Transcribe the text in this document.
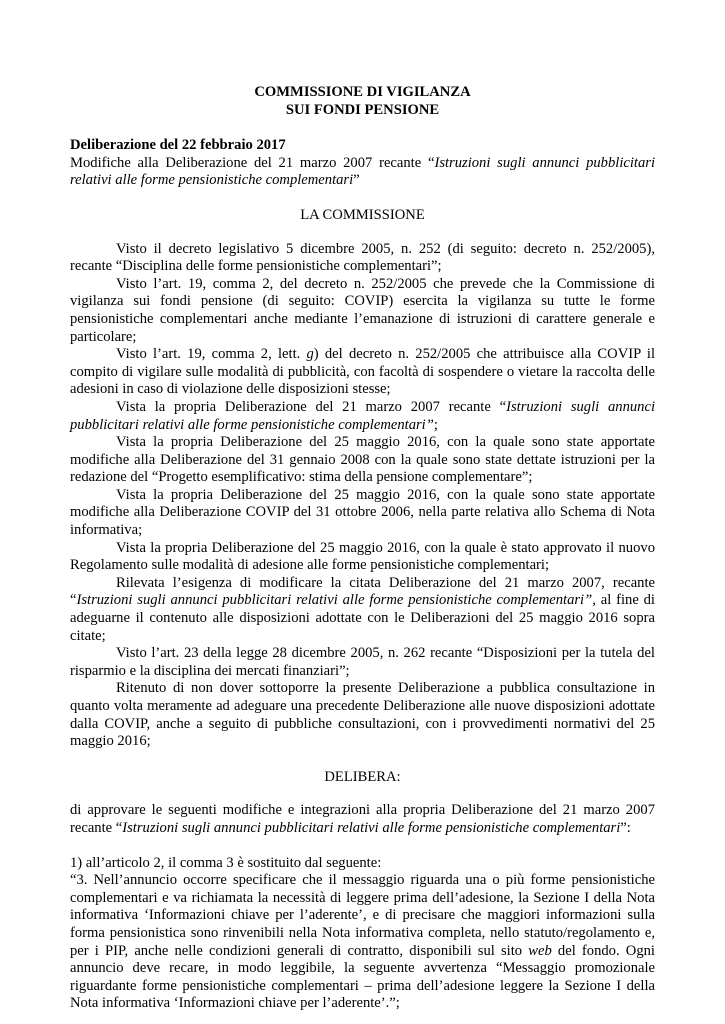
COMMISSIONE DI VIGILANZA
SUI FONDI PENSIONE
Deliberazione del 22 febbraio 2017
Modifiche alla Deliberazione del 21 marzo 2007 recante “Istruzioni sugli annunci pubblicitari relativi alle forme pensionistiche complementari”
LA COMMISSIONE

Visto il decreto legislativo 5 dicembre 2005, n. 252 (di seguito: decreto n. 252/2005), recante “Disciplina delle forme pensionistiche complementari”;

Visto l’art. 19, comma 2, del decreto n. 252/2005 che prevede che la Commissione di vigilanza sui fondi pensione (di seguito: COVIP) esercita la vigilanza su tutte le forme pensionistiche complementari anche mediante l’emanazione di istruzioni di carattere generale e particolare;

Visto l’art. 19, comma 2, lett. g) del decreto n. 252/2005 che attribuisce alla COVIP il compito di vigilare sulle modalità di pubblicità, con facoltà di sospendere o vietare la raccolta delle adesioni in caso di violazione delle disposizioni stesse;

Vista la propria Deliberazione del 21 marzo 2007 recante “Istruzioni sugli annunci pubblicitari relativi alle forme pensionistiche complementari”;

Vista la propria Deliberazione del 25 maggio 2016, con la quale sono state apportate modifiche alla Deliberazione del 31 gennaio 2008 con la quale sono state dettate istruzioni per la redazione del “Progetto esemplificativo: stima della pensione complementare”;

Vista la propria Deliberazione del 25 maggio 2016, con la quale sono state apportate modifiche alla Deliberazione COVIP del 31 ottobre 2006, nella parte relativa allo Schema di Nota informativa;

Vista la propria Deliberazione del 25 maggio 2016, con la quale è stato approvato il nuovo Regolamento sulle modalità di adesione alle forme pensionistiche complementari;

Rilevata l’esigenza di modificare la citata Deliberazione del 21 marzo 2007, recante “Istruzioni sugli annunci pubblicitari relativi alle forme pensionistiche complementari”, al fine di adeguarne il contenuto alle disposizioni adottate con le Deliberazioni del 25 maggio 2016 sopra citate;

Visto l’art. 23 della legge 28 dicembre 2005, n. 262 recante “Disposizioni per la tutela del risparmio e la disciplina dei mercati finanziari”;

Ritenuto di non dover sottoporre la presente Deliberazione a pubblica consultazione in quanto volta meramente ad adeguare una precedente Deliberazione alle nuove disposizioni adottate dalla COVIP, anche a seguito di pubbliche consultazioni, con i provvedimenti normativi del 25 maggio 2016;

DELIBERA:

di approvare le seguenti modifiche e integrazioni alla propria Deliberazione del 21 marzo 2007 recante “Istruzioni sugli annunci pubblicitari relativi alle forme pensionistiche complementari”:

1) all’articolo 2, il comma 3 è sostituito dal seguente:

“3. Nell’annuncio occorre specificare che il messaggio riguarda una o più forme pensionistiche complementari e va richiamata la necessità di leggere prima dell’adesione, la Sezione I della Nota informativa ‘Informazioni chiave per l’aderente’, e di precisare che maggiori informazioni sulla forma pensionistica sono rinvenibili nella Nota informativa completa, nello statuto/regolamento e, per i PIP, anche nelle condizioni generali di contratto, disponibili sul sito web del fondo. Ogni annuncio deve recare, in modo leggibile, la seguente avvertenza “Messaggio promozionale riguardante forme pensionistiche complementari – prima dell’adesione leggere la Sezione I della Nota informativa ‘Informazioni chiave per l’aderente’.”;
